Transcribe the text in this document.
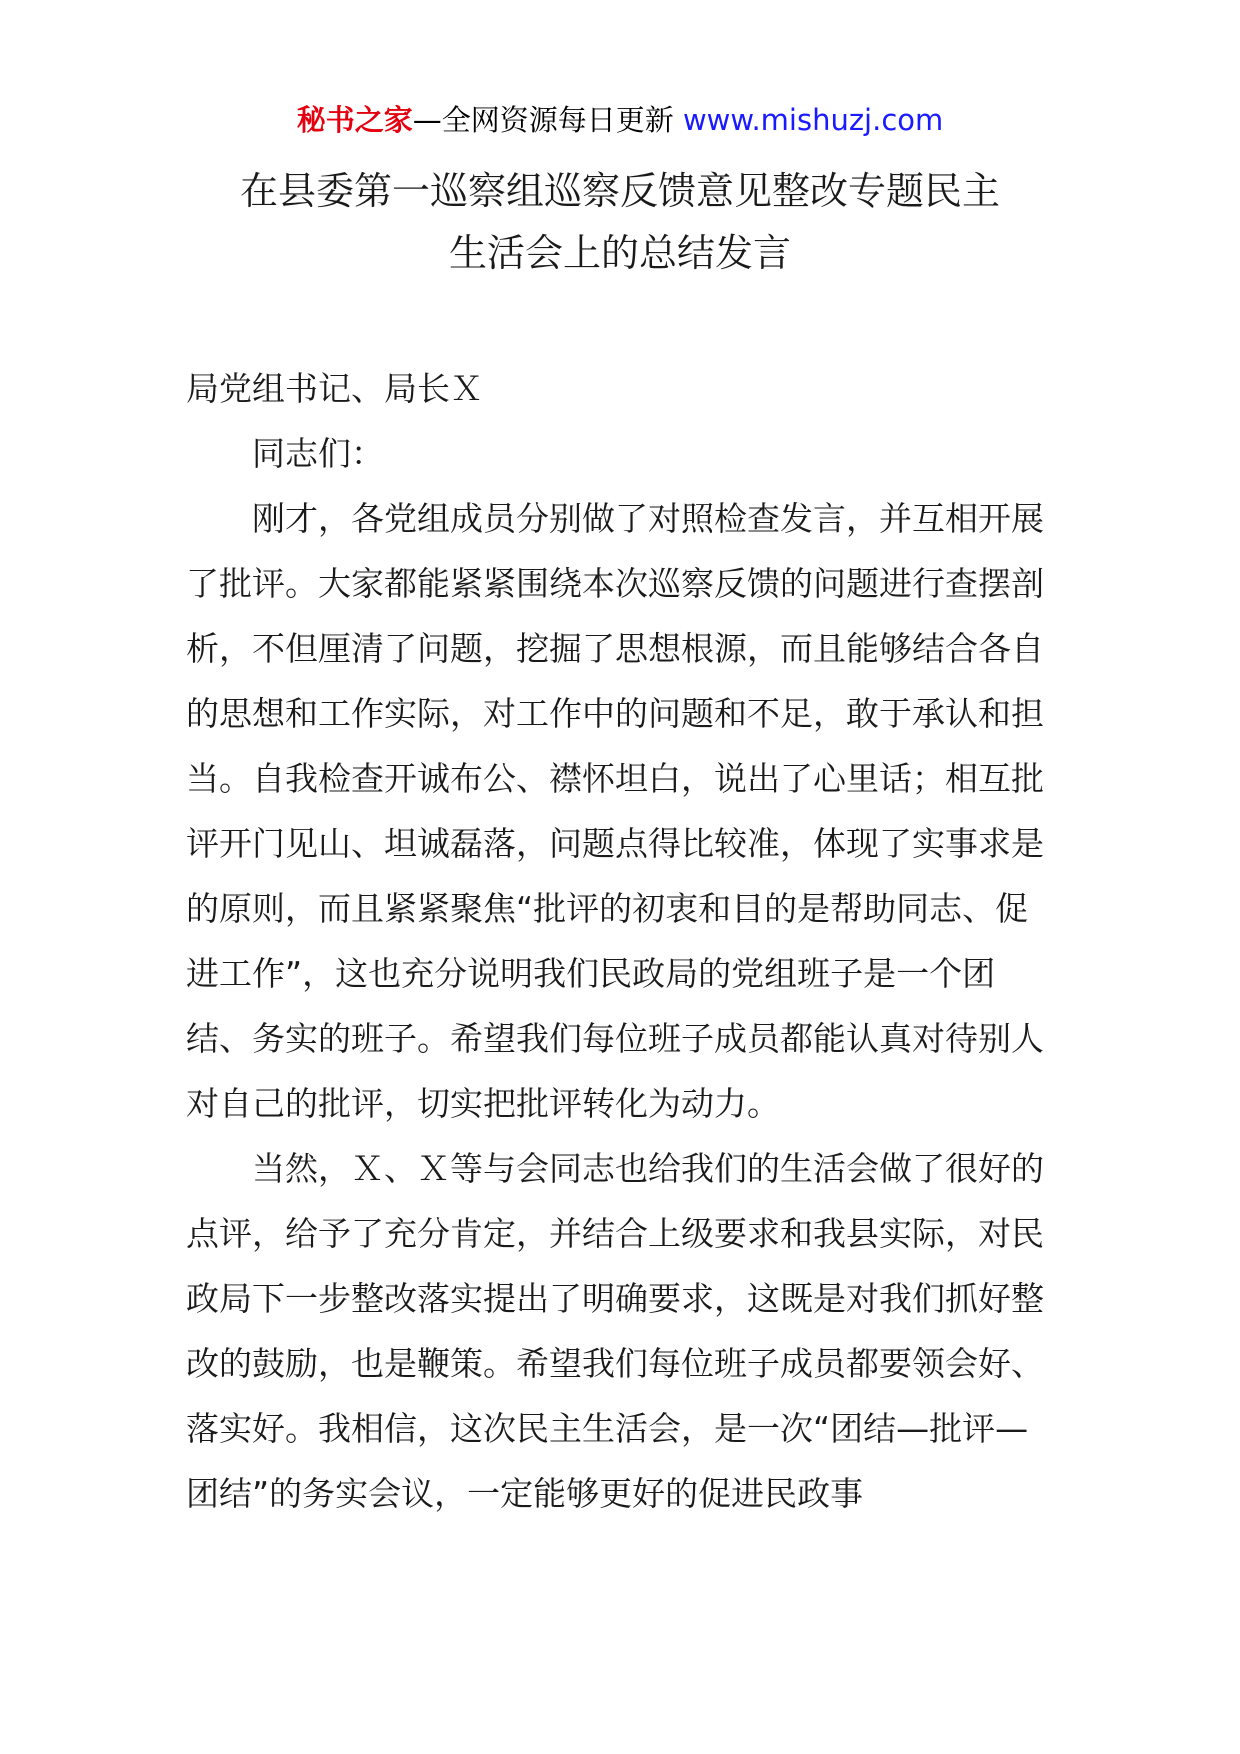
秘书之家—全网资源每日更新 www.mishuzj.com
在县委第一巡察组巡察反馈意见整改专题民主
生活会上的总结发言

局党组书记、局长Ｘ

同志们：

刚才，各党组成员分别做了对照检查发言，并互相开展了批评。大家都能紧紧围绕本次巡察反馈的问题进行查摆剖析，不但厘清了问题，挖掘了思想根源，而且能够结合各自的思想和工作实际，对工作中的问题和不足，敢于承认和担当。自我检查开诚布公、襟怀坦白，说出了心里话；相互批评开门见山、坦诚磊落，问题点得比较准，体现了实事求是的原则，而且紧紧聚焦“批评的初衷和目的是帮助同志、促进工作”，这也充分说明我们民政局的党组班子是一个团结、务实的班子。希望我们每位班子成员都能认真对待别人对自己的批评，切实把批评转化为动力。

当然，Ｘ、Ｘ等与会同志也给我们的生活会做了很好的点评，给予了充分肯定，并结合上级要求和我县实际，对民政局下一步整改落实提出了明确要求，这既是对我们抓好整改的鼓励，也是鞭策。希望我们每位班子成员都要领会好、落实好。我相信，这次民主生活会，是一次“团结—批评—团结”的务实会议，一定能够更好的促进民政事
